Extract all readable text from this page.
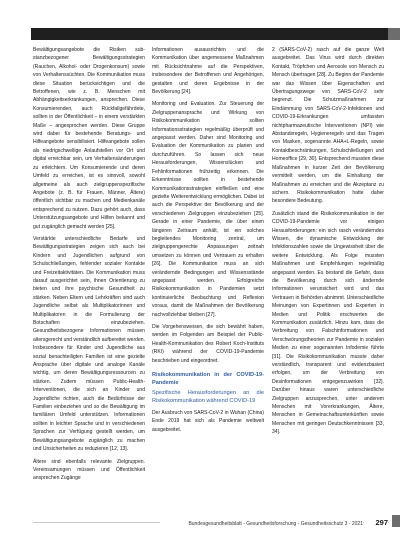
Bewältigungsangebote die Risiken sub-stanzbezogener Bewältigungsstrategien (Rauchen, Alkohol- oder Drogenkonsum) sowie von Verhaltenssüchten. Die Kommunikation muss diese Situation berücksichtigen und die Betroffenen, wie z. B. Menschen mit Abhängigkeitserkrankungen, ansprechen. Diese Konsumierenden, auch Rückfallgefährdete, sollten in der Öffentlichkeit – in einem verstärkten Maße – angesprochen werden. Diese Gruppe wird dabei für bestehende Beratungs- und Hilfeangebote sensibilisiert. Hilfeangebote sollen als niedrigschwellige Anlaufstellen vor Ort und digital erreichbar sein, um Verhaltensänderungen zu erleichtern. Um Konsumierende und deren Umfeld zu erreichen, ist es sinnvoll, sowohl allgemeine als auch zielgruppenspezifische Angebote (z. B. für Frauen, Männer, Ältere) öffentlich sichtbar zu machen und Medienkanäle entsprechend zu nutzen. Dazu gehört auch, dass Unterstützungsangebote und Hilfen bekannt und gut zugänglich gemacht werden [25].

Verstärkte unterschiedliche Bedarfe und Bewältigungsstrategien zeigen sich auch bei Kindern und Jugendlichen aufgrund von Schulschließungen, fehlender sozialer Kontakte und Freizeitaktivitäten. Die Kommunikation muss darauf ausgerichtet sein, ihnen Orientierung zu bieten und ihre psychische Gesundheit zu stärken. Neben Eltern und Lehrkräften sind auch Jugendliche selbst als Multiplikatorinnen und Multiplikatoren in die Formulierung der Botschaften einzubeziehen. Gesundheitsbezogene Informationen müssen altersgerecht und verständlich aufbereitet werden. Insbesondere für Kinder und Jugendliche aus sozial benachteiligten Familien ist eine gezielte Ansprache über digitale und analoge Kanäle wichtig, um deren Bewältigungsressourcen zu stärken. Zudem müssen Public-Health-Interventionen, die sich an Kinder und Jugendliche richten, auch die Bedürfnisse der Familien einbeziehen und so die Bewältigung im familiären Umfeld unterstützen. Informationen sollten in leichter Sprache und in verschiedenen Sprachen zur Verfügung gestellt werden, um Bewältigungsangebote zugänglich zu machen und Unsicherheiten zu reduzieren [12, 13].

Ältere sind ebenfalls relevante Zielgruppen. Vereinsamungen müssen und Öffentlichkeit ansprechen Zugänge

Informationen ausausrichten und die Kommunikation über angemessene Maßnahmen mit Rücksichtnahme auf die Perspektiven, insbesondere der Betroffenen und Angehörigen, gestalten und deren Ergebnisse in der Bevölkerung [24].

Monitoring und Evaluation. Zur Steuerung der Zielgruppenansprache und Wirkung von Risikokommunikation sollten Informationsstrategien regelmäßig überprüft und angepasst werden. Daher sind Monitoring und Evaluation der Kommunikation zu planen und durchzuführen. So lassen sich neue Herausforderungen, Wissenslücken und Fehlinformationen frühzeitig erkennen. Die Erkenntnisse sollten in bestehende Kommunikationsstrategien einfließen und eine gezielte Weiterentwicklung ermöglichen. Dabei ist auch die Perspektive der Bevölkerung und der verschiedenen Zielgruppen einzubeziehen [25]. Gerade in einer Pandemie, die über einen längeren Zeitraum anhält, ist ein solches begleitendes Monitoring zentral, um zielgruppengerechte Anpassungen zeitnah umsetzen zu können und Vertrauen zu erhalten [26]. Die Kommunikation muss an sich verändernde Bedingungen und Wissensstände angepasst werden. Erfolgreiche Risikokommunikation in Pandemien setzt kontinuierliche Beobachtung und Reflexion voraus, damit die Maßnahmen der Bevölkerung nachvollziehbar bleiben [27].

Die Vorgehensweisen, die sich bewährt haben, werden im Folgenden am Beispiel der Public-Health-Kommunikation des Robert Koch-Instituts (RKI) während der COVID-19-Pandemie beschrieben und eingeordnet.

Risikokommunikation in der COVID-19-Pandemie

Spezifische Herausforderungen an die Risikokommunikation während COVID-19

Der Ausbruch von SARS-CoV-2 in Wuhan (China) Ende 2019 hat sich als Pandemie weltweit ausgebreitet.

2 (SARS-CoV-2) rasch auf die ganze Welt ausgebreitet. Das Virus wird durch direkten Kontakt, Tröpfchen und Aerosole von Mensch zu Mensch übertragen [28]. Zu Beginn der Pandemie war das Wissen über Eigenschaften und Übertragungswege von SARS-CoV-2 sehr begrenzt. Die Schutzmaßnahmen zur Eindämmung von SARS-CoV-2-Infektionen und COVID-19-Erkrankungen umfassten nichtpharmazeutische Interventionen (NPI) wie Abstandsregeln, Hygieneregeln und das Tragen von Masken, sogenannte AHA+L-Regeln, sowie Kontaktbeschränkungen, Schulschließungen und Homeoffice [29, 30]. Entsprechend mussten diese Maßnahmen in kurzer Zeit der Bevölkerung vermittelt werden, um die Einhaltung der Maßnahmen zu erreichen und die Akzeptanz zu sichern. Risikokommunikation hatte daher besondere Bedeutung.

Zusätzlich stand die Risikokommunikation in der COVID-19-Pandemie vor einigen Herausforderungen: ein sich rasch veränderndes Wissen, die dynamische Entwicklung der Infektionszahlen sowie die Ungewissheit über die weitere Entwicklung. Als Folge mussten Maßnahmen und Empfehlungen regelmäßig angepasst werden. Es bestand die Gefahr, dass die Bevölkerung durch sich ändernde Informationen verunsichert wird und das Vertrauen in Behörden abnimmt. Unterschiedliche Meinungen von Expertinnen und Experten in Medien und Politik erschwerten die Kommunikation zusätzlich. Hinzu kam, dass die Verbreitung von Falschinformationen und Verschwörungstheorien zur Pandemie in sozialen Medien zu einer sogenannten Infodemie führte [31]. Die Risikokommunikation musste daher verständlich, transparent und evidenzbasiert erfolgen, um der Verbreitung von Desinformationen entgegenzuwirken [32]. Darüber hinaus waren unterschiedliche Zielgruppen anzusprechen, unter anderem Menschen mit Vorerkrankungen, Ältere, Menschen in Gemeinschaftsunterkünften sowie Menschen mit geringen Deutschkenntnissen [33, 34].

Bundesgesundheitsblatt - Gesundheitsforschung - Gesundheitsschutz 3 · 2021	297
